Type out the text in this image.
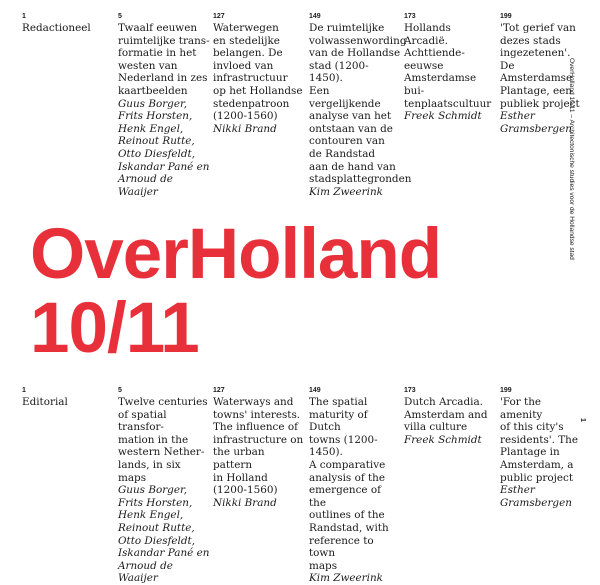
1
Redactioneel
5
Twaalf eeuwen
ruimtelijke trans-
formatie in het
westen van
Nederland in zes
kaartbeelden
Guus Borger,
Frits Horsten,
Henk Engel,
Reinout Rutte,
Otto Diesfeldt,
Iskandar Pané en
Arnoud de Waaijer
127
Waterwegen
en stedelijke
belangen. De
invloed van
infrastructuur
op het Hollandse
stedenpatroon
(1200-1560)
Nikki Brand
149
De ruimtelijke
volwassenwording
van de Hollandse
stad (1200-1450).
Een vergelijkende
analyse van het
ontstaan van de
contouren van
de Randstad
aan de hand van
stadsplattegronden
Kim Zweerink
173
Hollands Arcadië.
Achttiende-eeuwse
Amsterdamse bui-
tenplaatscultuur
Freek Schmidt
199
'Tot gerief van
dezes stads
ingezetenen'.
De Amsterdamse
Plantage, een
publiek project
Esther
Gramsbergen
OverHolland
10/11
1
Editorial
5
Twelve centuries
of spatial transfor-
mation in the
western Nether-
lands, in six maps
Guus Borger,
Frits Horsten,
Henk Engel,
Reinout Rutte,
Otto Diesfeldt,
Iskandar Pané en
Arnoud de Waaijer
127
Waterways and
towns' interests.
The influence of
infrastructure on
the urban pattern
in Holland
(1200-1560)
Nikki Brand
149
The spatial
maturity of Dutch
towns (1200-1450).
A comparative
analysis of the
emergence of the
outlines of the
Randstad, with
reference to town
maps
Kim Zweerink
173
Dutch Arcadia.
Amsterdam and
villa culture
Freek Schmidt
199
'For the amenity
of this city's
residents'. The
Plantage in
Amsterdam, a
public project
Esther
Gramsbergen
OverHolland 10/11 – Architectonische studies voor de Hollandse stad
1
